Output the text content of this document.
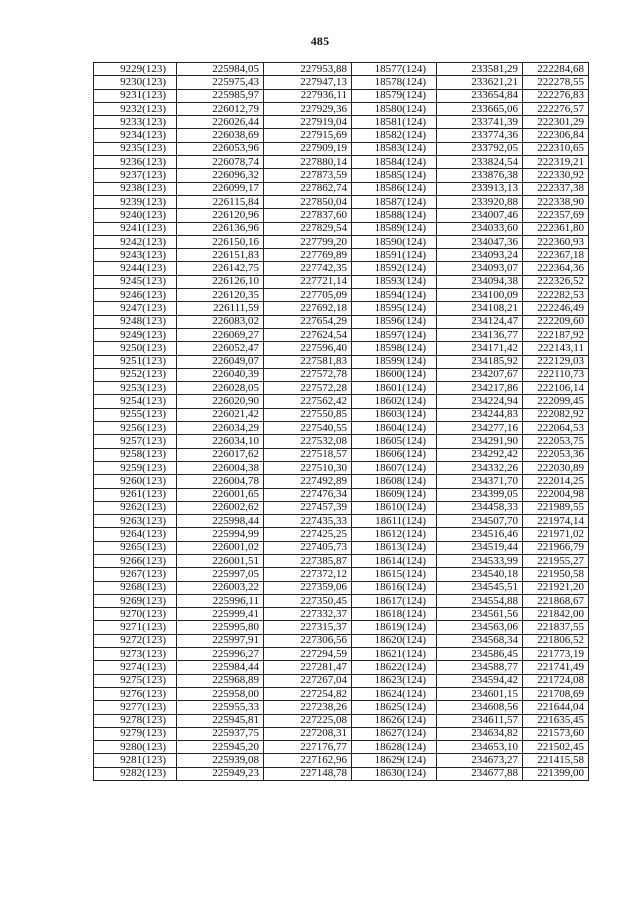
485
9229(123)	225984,05	227953,88	18577(124)	233581,29	222284,68
9230(123)	225975,43	227947,13	18578(124)	233621,21	222278,55
9231(123)	225985,97	227936,11	18579(124)	233654,84	222276,83
9232(123)	226012,79	227929,36	18580(124)	233665,06	222276,57
9233(123)	226026,44	227919,04	18581(124)	233741,39	222301,29
9234(123)	226038,69	227915,69	18582(124)	233774,36	222306,84
9235(123)	226053,96	227909,19	18583(124)	233792,05	222310,65
9236(123)	226078,74	227880,14	18584(124)	233824,54	222319,21
9237(123)	226096,32	227873,59	18585(124)	233876,38	222330,92
9238(123)	226099,17	227862,74	18586(124)	233913,13	222337,38
9239(123)	226115,84	227850,04	18587(124)	233920,88	222338,90
9240(123)	226120,96	227837,60	18588(124)	234007,46	222357,69
9241(123)	226136,96	227829,54	18589(124)	234033,60	222361,80
9242(123)	226150,16	227799,20	18590(124)	234047,36	222360,93
9243(123)	226151,83	227769,89	18591(124)	234093,24	222367,18
9244(123)	226142,75	227742,35	18592(124)	234093,07	222364,36
9245(123)	226126,10	227721,14	18593(124)	234094,38	222326,52
9246(123)	226120,35	227705,09	18594(124)	234100,09	222282,53
9247(123)	226111,59	227692,18	18595(124)	234108,21	222246,49
9248(123)	226083,02	227654,29	18596(124)	234124,47	222209,60
9249(123)	226069,27	227624,54	18597(124)	234136,77	222187,92
9250(123)	226052,47	227596,40	18598(124)	234171,42	222143,11
9251(123)	226049,07	227581,83	18599(124)	234185,92	222129,03
9252(123)	226040,39	227572,78	18600(124)	234207,67	222110,73
9253(123)	226028,05	227572,28	18601(124)	234217,86	222106,14
9254(123)	226020,90	227562,42	18602(124)	234224,94	222099,45
9255(123)	226021,42	227550,85	18603(124)	234244,83	222082,92
9256(123)	226034,29	227540,55	18604(124)	234277,16	222064,53
9257(123)	226034,10	227532,08	18605(124)	234291,90	222053,75
9258(123)	226017,62	227518,57	18606(124)	234292,42	222053,36
9259(123)	226004,38	227510,30	18607(124)	234332,26	222030,89
9260(123)	226004,78	227492,89	18608(124)	234371,70	222014,25
9261(123)	226001,65	227476,34	18609(124)	234399,05	222004,98
9262(123)	226002,62	227457,39	18610(124)	234458,33	221989,55
9263(123)	225998,44	227435,33	18611(124)	234507,70	221974,14
9264(123)	225994,99	227425,25	18612(124)	234516,46	221971,02
9265(123)	226001,02	227405,73	18613(124)	234519,44	221966,79
9266(123)	226001,51	227385,87	18614(124)	234533,99	221955,27
9267(123)	225997,05	227372,12	18615(124)	234540,18	221950,58
9268(123)	226003,22	227359,06	18616(124)	234545,51	221921,20
9269(123)	225996,11	227350,45	18617(124)	234554,88	221868,67
9270(123)	225999,41	227332,37	18618(124)	234561,56	221842,00
9271(123)	225995,80	227315,37	18619(124)	234563,06	221837,55
9272(123)	225997,91	227306,56	18620(124)	234568,34	221806,52
9273(123)	225996,27	227294,59	18621(124)	234586,45	221773,19
9274(123)	225984,44	227281,47	18622(124)	234588,77	221741,49
9275(123)	225968,89	227267,04	18623(124)	234594,42	221724,08
9276(123)	225958,00	227254,82	18624(124)	234601,15	221708,69
9277(123)	225955,33	227238,26	18625(124)	234608,56	221644,04
9278(123)	225945,81	227225,08	18626(124)	234611,57	221635,45
9279(123)	225937,75	227208,31	18627(124)	234634,82	221573,60
9280(123)	225945,20	227176,77	18628(124)	234653,10	221502,45
9281(123)	225939,08	227162,96	18629(124)	234673,27	221415,58
9282(123)	225949,23	227148,78	18630(124)	234677,88	221399,00
